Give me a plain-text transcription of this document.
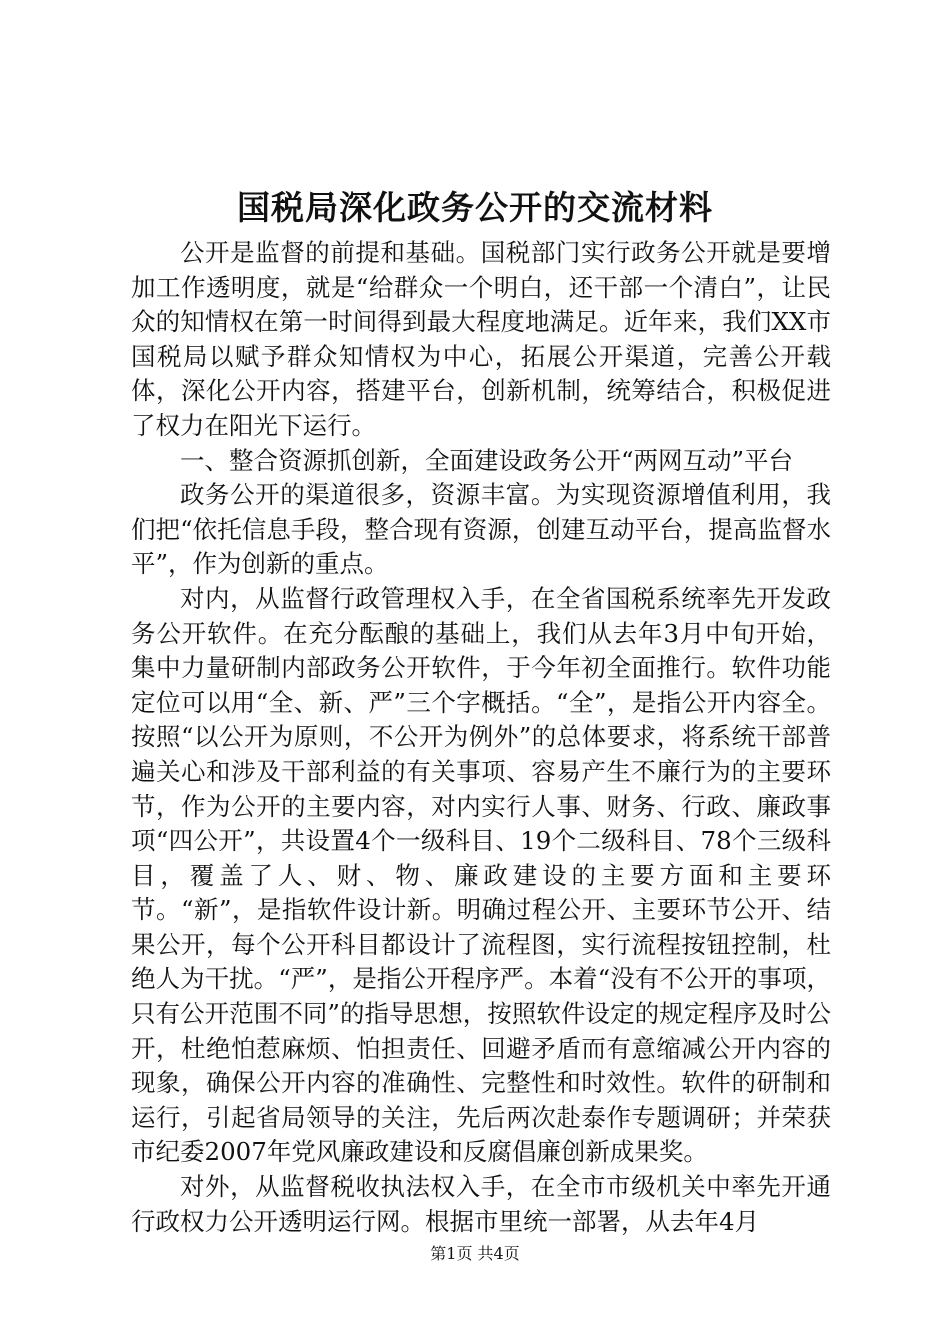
国税局深化政务公开的交流材料

公开是监督的前提和基础。国税部门实行政务公开就是要增加工作透明度，就是“给群众一个明白，还干部一个清白”，让民众的知情权在第一时间得到最大程度地满足。近年来，我们XX市国税局以赋予群众知情权为中心，拓展公开渠道，完善公开载体，深化公开内容，搭建平台，创新机制，统筹结合，积极促进了权力在阳光下运行。

一、整合资源抓创新，全面建设政务公开“两网互动”平台

政务公开的渠道很多，资源丰富。为实现资源增值利用，我们把“依托信息手段，整合现有资源，创建互动平台，提高监督水平”，作为创新的重点。

对内，从监督行政管理权入手，在全省国税系统率先开发政务公开软件。在充分酝酿的基础上，我们从去年3月中旬开始，集中力量研制内部政务公开软件，于今年初全面推行。软件功能定位可以用“全、新、严”三个字概括。“全”，是指公开内容全。按照“以公开为原则，不公开为例外”的总体要求，将系统干部普遍关心和涉及干部利益的有关事项、容易产生不廉行为的主要环节，作为公开的主要内容，对内实行人事、财务、行政、廉政事项“四公开”，共设置4个一级科目、19个二级科目、78个三级科目，覆盖了人、财、物、廉政建设的主要方面和主要环节。“新”，是指软件设计新。明确过程公开、主要环节公开、结果公开，每个公开科目都设计了流程图，实行流程按钮控制，杜绝人为干扰。“严”，是指公开程序严。本着“没有不公开的事项，只有公开范围不同”的指导思想，按照软件设定的规定程序及时公开，杜绝怕惹麻烦、怕担责任、回避矛盾而有意缩减公开内容的现象，确保公开内容的准确性、完整性和时效性。软件的研制和运行，引起省局领导的关注，先后两次赴泰作专题调研；并荣获市纪委2007年党风廉政建设和反腐倡廉创新成果奖。

对外，从监督税收执法权入手，在全市市级机关中率先开通行政权力公开透明运行网。根据市里统一部署，从去年4月

第1页 共4页
